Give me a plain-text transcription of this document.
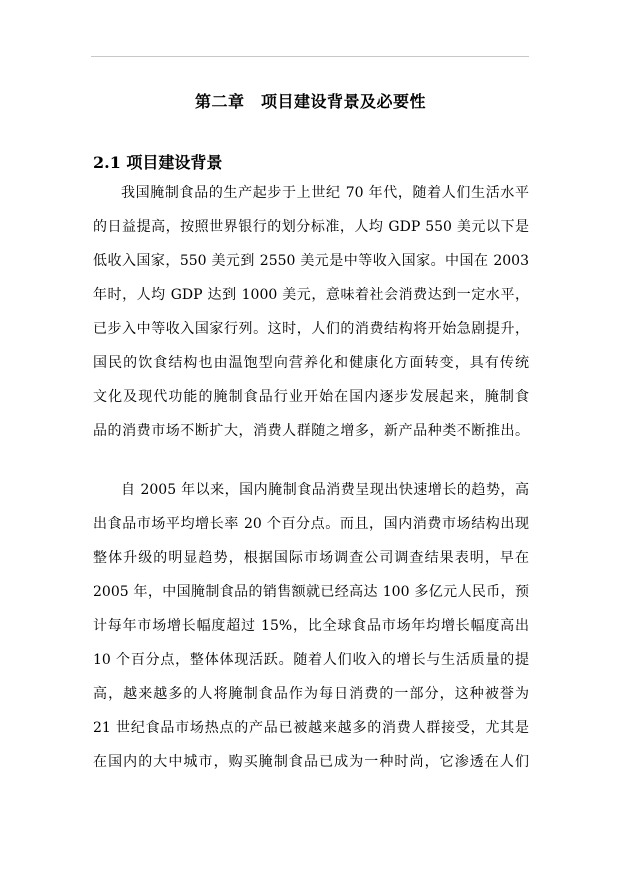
第二章　项目建设背景及必要性
2.1 项目建设背景
我国腌制食品的生产起步于上世纪 70 年代，随着人们生活水平
的日益提高，按照世界银行的划分标准，人均 GDP 550 美元以下是
低收入国家，550 美元到 2550 美元是中等收入国家。中国在 2003
年时，人均 GDP 达到 1000 美元，意味着社会消费达到一定水平，
已步入中等收入国家行列。这时，人们的消费结构将开始急剧提升，
国民的饮食结构也由温饱型向营养化和健康化方面转变，具有传统
文化及现代功能的腌制食品行业开始在国内逐步发展起来，腌制食
品的消费市场不断扩大，消费人群随之增多，新产品种类不断推出。
自 2005 年以来，国内腌制食品消费呈现出快速增长的趋势，高
出食品市场平均增长率 20 个百分点。而且，国内消费市场结构出现
整体升级的明显趋势，根据国际市场调查公司调查结果表明，早在
2005 年，中国腌制食品的销售额就已经高达 100 多亿元人民币，预
计每年市场增长幅度超过 15%，比全球食品市场年均增长幅度高出
10 个百分点，整体体现活跃。随着人们收入的增长与生活质量的提
高，越来越多的人将腌制食品作为每日消费的一部分，这种被誉为
21 世纪食品市场热点的产品已被越来越多的消费人群接受，尤其是
在国内的大中城市，购买腌制食品已成为一种时尚，它渗透在人们
